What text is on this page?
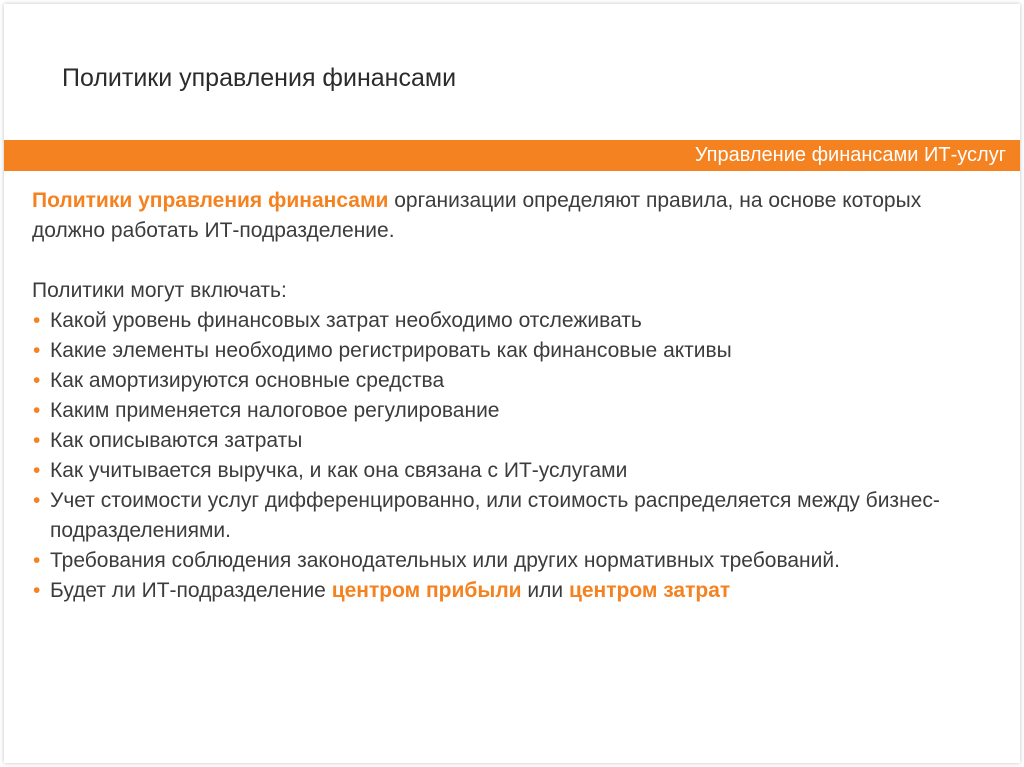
Политики управления финансами
Управление финансами ИТ-услуг

Политики управления финансами организации определяют правила, на основе которых должно работать ИТ-подразделение.

Политики могут включать:

• Какой уровень финансовых затрат необходимо отслеживать
• Какие элементы необходимо регистрировать как финансовые активы
• Как амортизируются основные средства
• Каким применяется налоговое регулирование
• Как описываются затраты
• Как учитывается выручка, и как она связана с ИТ-услугами
• Учет стоимости услуг дифференцированно, или стоимость распределяется между бизнес-подразделениями.
• Требования соблюдения законодательных или других нормативных требований.
• Будет ли ИТ-подразделение центром прибыли или центром затрат
